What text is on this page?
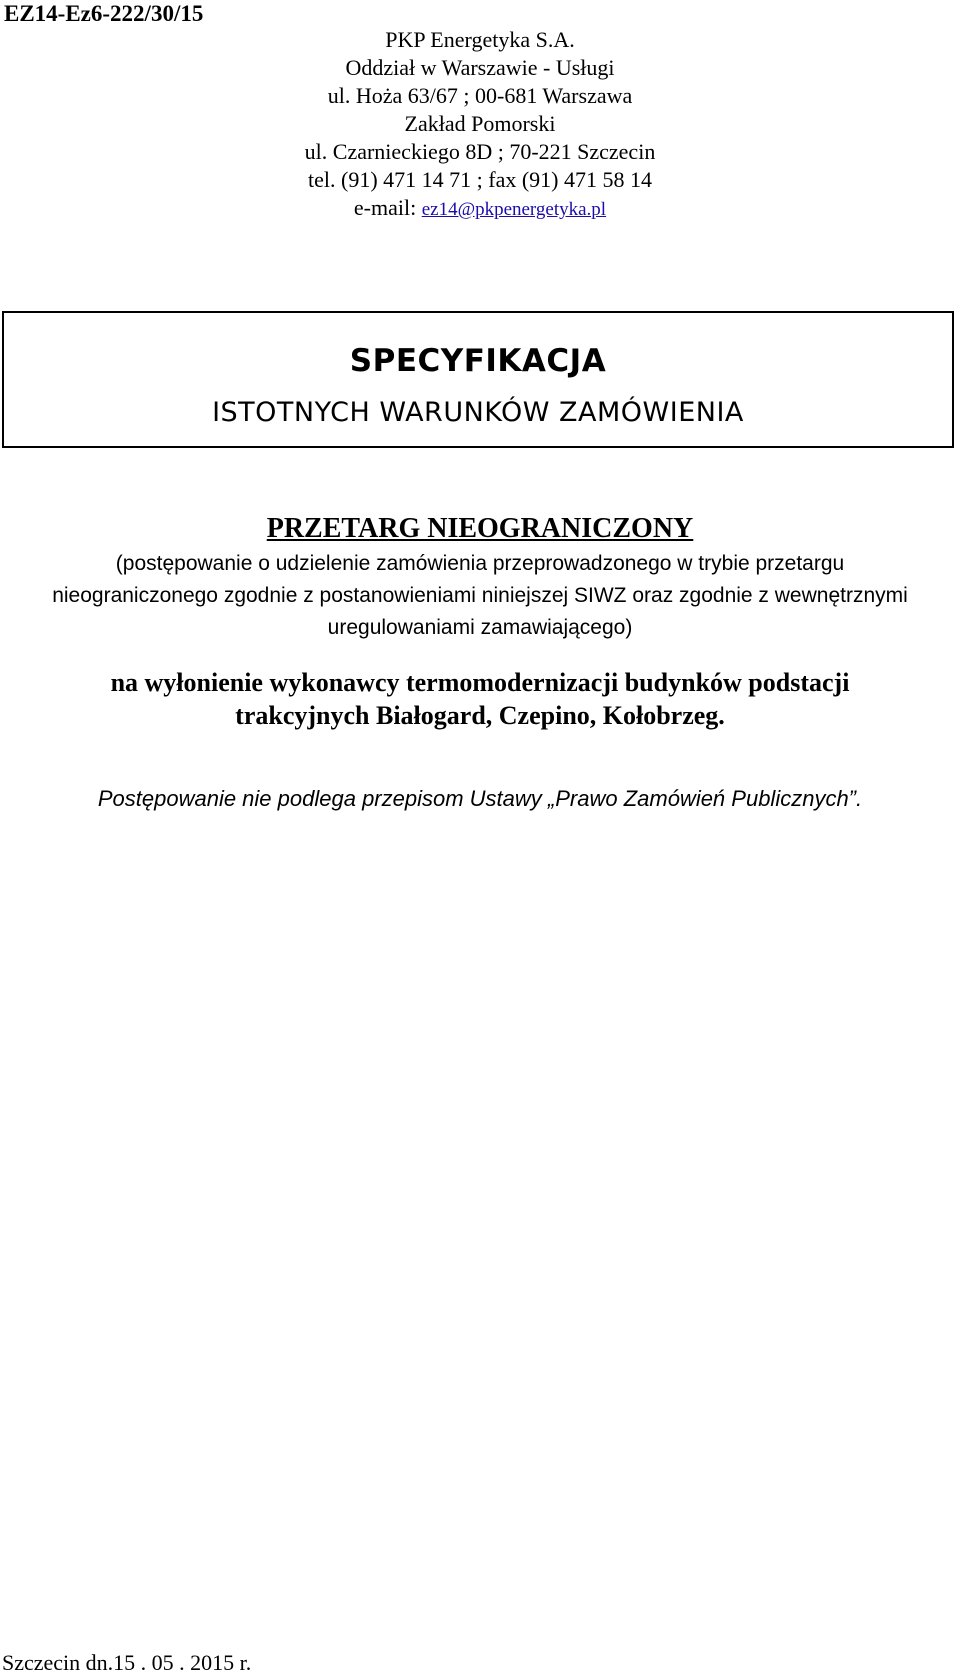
EZ14-Ez6-222/30/15
PKP Energetyka S.A.
Oddział w Warszawie - Usługi
ul. Hoża 63/67 ; 00-681 Warszawa
Zakład Pomorski
ul. Czarnieckiego 8D ; 70-221 Szczecin
tel. (91) 471 14 71 ; fax (91) 471 58 14
e-mail: ez14@pkpenergetyka.pl
SPECYFIKACJA
ISTOTNYCH WARUNKÓW ZAMÓWIENIA
PRZETARG NIEOGRANICZONY
(postępowanie o udzielenie zamówienia przeprowadzonego w trybie przetargu nieograniczonego zgodnie z postanowieniami niniejszej SIWZ oraz zgodnie z wewnętrznymi uregulowaniami zamawiającego)
na wyłonienie wykonawcy termomodernizacji budynków podstacji trakcyjnych Białogard, Czepino, Kołobrzeg.
Postępowanie nie podlega przepisom Ustawy „Prawo Zamówień Publicznych”.
Szczecin dn.15 . 05 . 2015 r.
